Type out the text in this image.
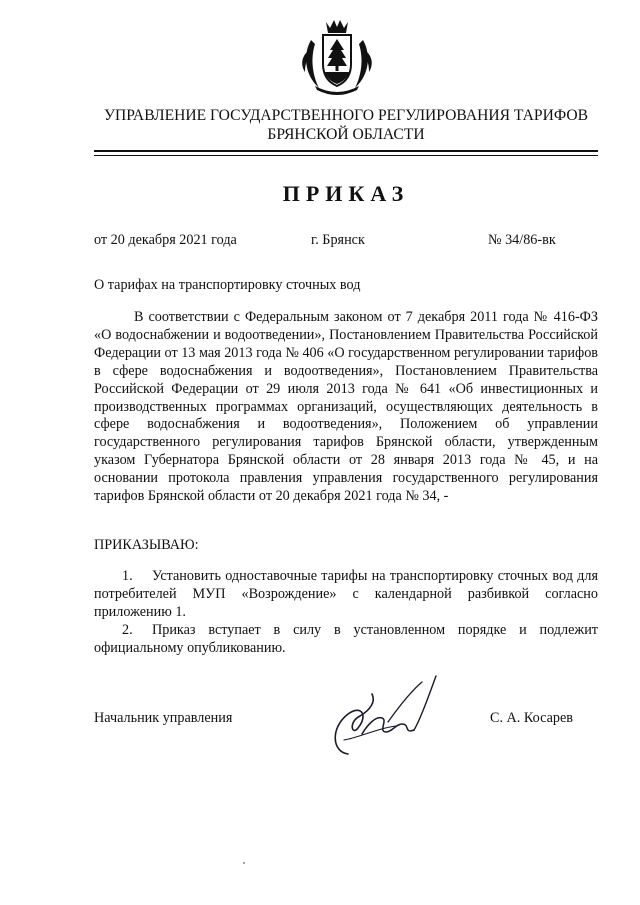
УПРАВЛЕНИЕ ГОСУДАРСТВЕННОГО РЕГУЛИРОВАНИЯ ТАРИФОВ
БРЯНСКОЙ ОБЛАСТИ
ПРИКАЗ
от 20 декабря 2021 года	г. Брянск	№ 34/86-вк
О тарифах на транспортировку сточных вод

В соответствии с Федеральным законом от 7 декабря 2011 года № 416-ФЗ «О водоснабжении и водоотведении», Постановлением Правительства Российской Федерации от 13 мая 2013 года № 406 «О государственном регулировании тарифов в сфере водоснабжения и водоотведения», Постановлением Правительства Российской Федерации от 29 июля 2013 года № 641 «Об инвестиционных и производственных программах организаций, осуществляющих деятельность в сфере водоснабжения и водоотведения», Положением об управлении государственного регулирования тарифов Брянской области, утвержденным указом Губернатора Брянской области от 28 января 2013 года № 45, и на основании протокола правления управления государственного регулирования тарифов Брянской области от 20 декабря 2021 года № 34, -

ПРИКАЗЫВАЮ:

1. Установить одноставочные тарифы на транспортировку сточных вод для потребителей МУП «Возрождение» с календарной разбивкой согласно приложению 1.

2. Приказ вступает в силу в установленном порядке и подлежит официальному опубликованию.

Начальник управления	С. А. Косарев
